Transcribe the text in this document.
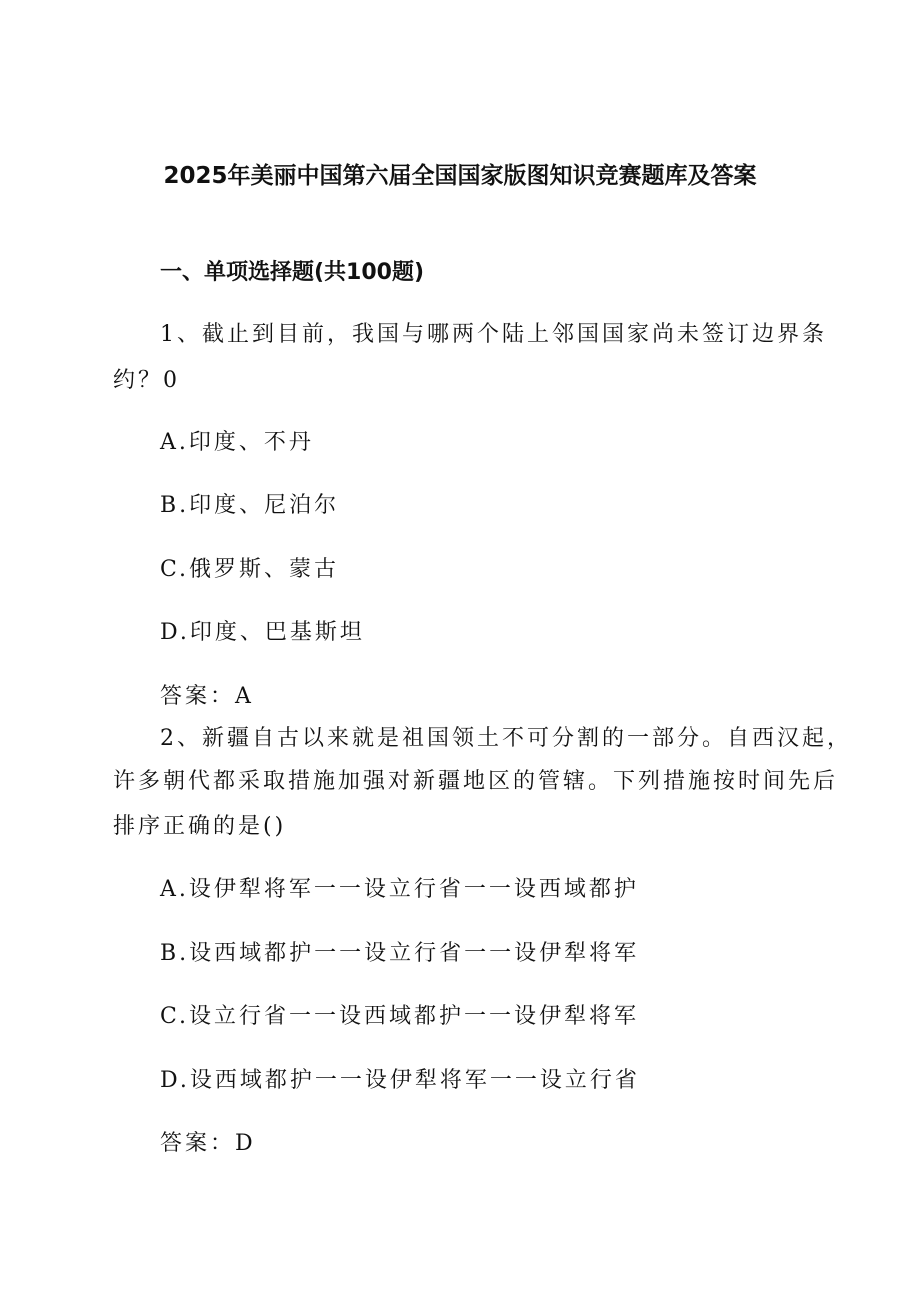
2025年美丽中国第六届全国国家版图知识竞赛题库及答案
一、单项选择题(共100题)
1、截止到目前，我国与哪两个陆上邻国国家尚未签订边界条
约？0
A.印度、不丹
B.印度、尼泊尔
C.俄罗斯、蒙古
D.印度、巴基斯坦
答案：A
2、新疆自古以来就是祖国领土不可分割的一部分。自西汉起，
许多朝代都采取措施加强对新疆地区的管辖。下列措施按时间先后
排序正确的是()
A.设伊犁将军一一设立行省一一设西域都护
B.设西域都护一一设立行省一一设伊犁将军
C.设立行省一一设西域都护一一设伊犁将军
D.设西域都护一一设伊犁将军一一设立行省
答案：D
